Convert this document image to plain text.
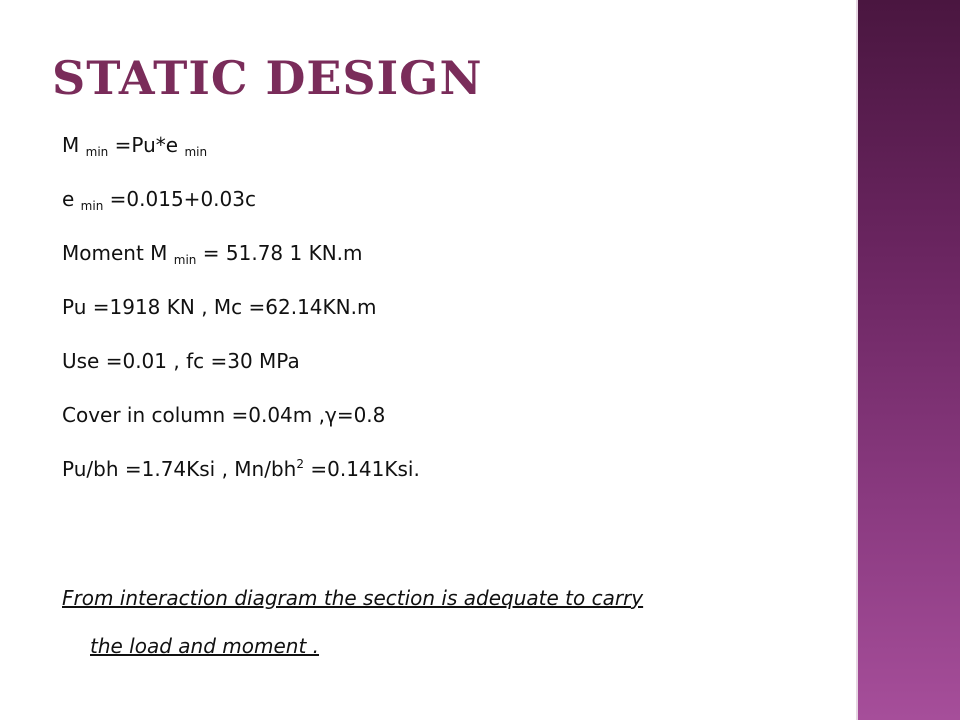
STATIC DESIGN
M $_{min}$ =Pu*e $_{min}$
e $_{min}$ =0.015+0.03c
Moment M $_{min}$ = 51.78 1 KN.m
Pu =1918 KN , Mc =62.14KN.m
Use =0.01 , fc =30 MPa
Cover in column =0.04m ,γ=0.8
Pu/bh =1.74Ksi , $Mn/bh^2 =0.141Ksi$.
From interaction diagram the section is adequate to carry
the load and moment .
